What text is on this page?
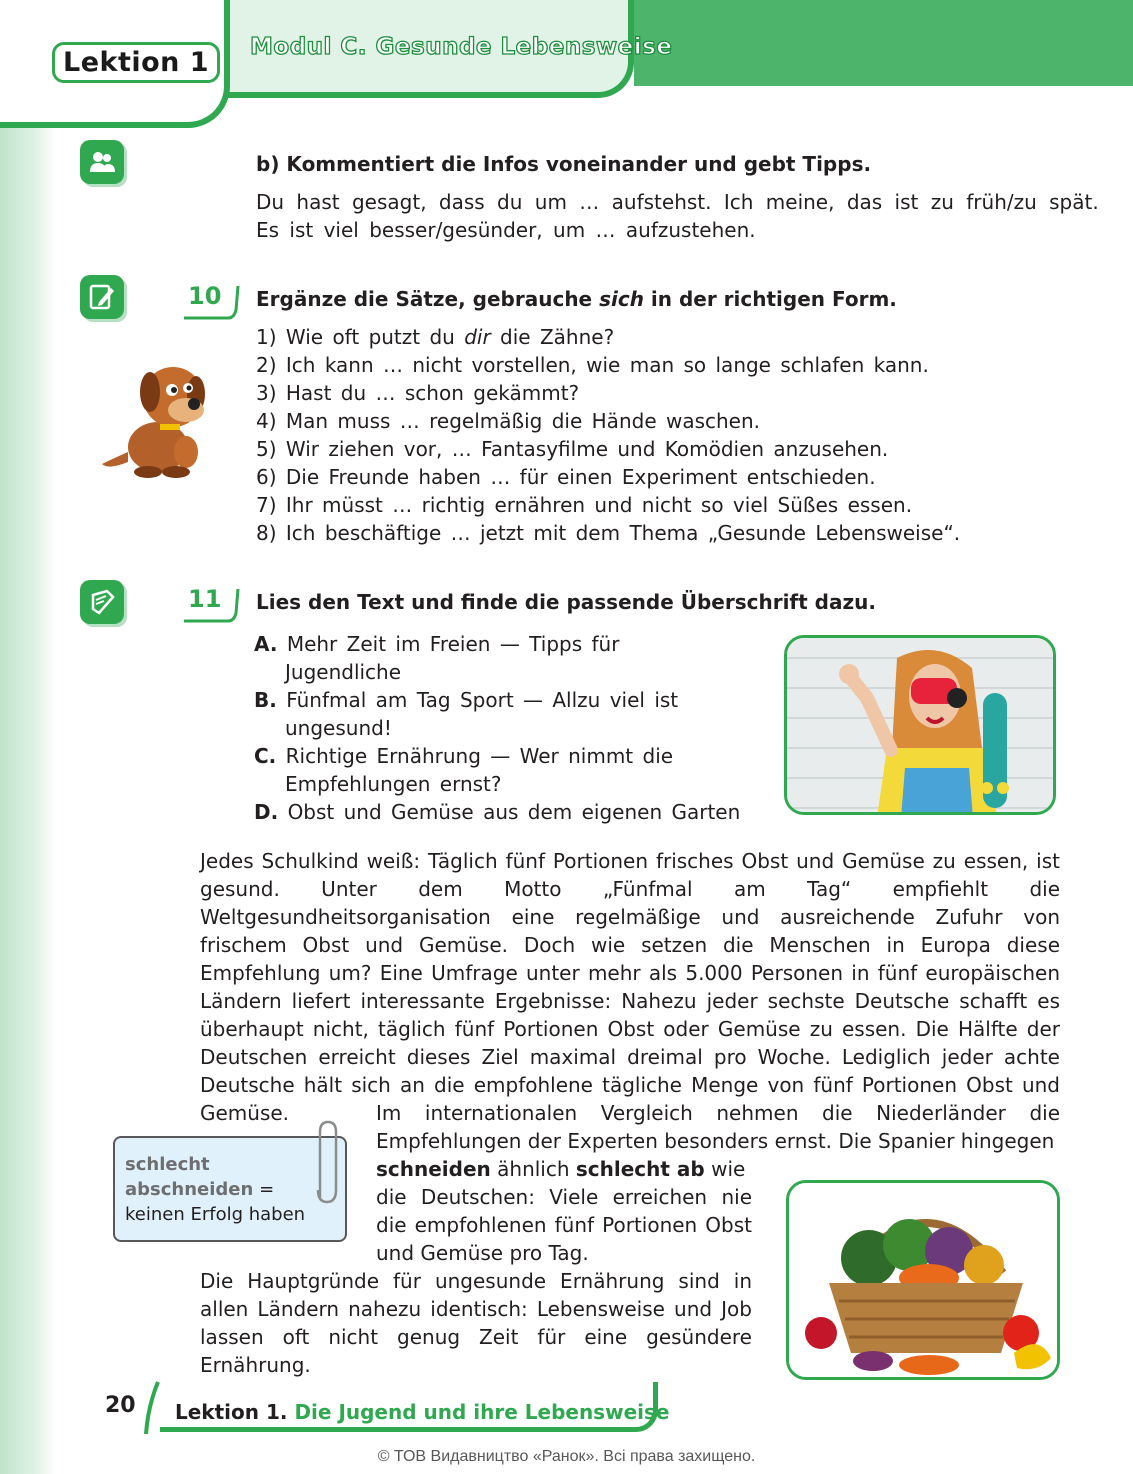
Lektion 1	Modul C. Gesunde Lebensweise
b) Kommentiert die Infos voneinander und gebt Tipps.
Du hast gesagt, dass du um … aufstehst. Ich meine, das ist zu früh/zu spät.
Es ist viel besser/gesünder, um … aufzustehen.
10 Ergänze die Sätze, gebrauche sich in der richtigen Form.
1) Wie oft putzt du dir die Zähne?
2) Ich kann … nicht vorstellen, wie man so lange schlafen kann.
3) Hast du … schon gekämmt?
4) Man muss … regelmäßig die Hände waschen.
5) Wir ziehen vor, … Fantasyfilme und Komödien anzusehen.
6) Die Freunde haben … für einen Experiment entschieden.
7) Ihr müsst … richtig ernähren und nicht so viel Süßes essen.
8) Ich beschäftige … jetzt mit dem Thema „Gesunde Lebensweise“.
11 Lies den Text und finde die passende Überschrift dazu.
A. Mehr Zeit im Freien — Tipps für
Jugendliche
B. Fünfmal am Tag Sport — Allzu viel ist
ungesund!
C. Richtige Ernährung — Wer nimmt die
Empfehlungen ernst?
D. Obst und Gemüse aus dem eigenen Garten
Jedes Schulkind weiß: Täglich fünf Portionen frisches Obst und Gemüse zu essen, ist gesund. Unter dem Motto „Fünfmal am Tag“ empfiehlt die Weltgesundheitsorganisation eine regelmäßige und ausreichende Zufuhr von frischem Obst und Gemüse. Doch wie setzen die Menschen in Europa diese Empfehlung um? Eine Umfrage unter mehr als 5.000 Personen in fünf europäischen Ländern liefert interessante Ergebnisse: Nahezu jeder sechste Deutsche schafft es überhaupt nicht, täglich fünf Portionen Obst oder Gemüse zu essen. Die Hälfte der Deutschen erreicht dieses Ziel maximal dreimal pro Woche. Lediglich jeder achte Deutsche hält sich an die empfohlene tägliche Menge von fünf Portionen Obst und Gemüse.	Im internationalen Vergleich nehmen die Niederländer die Empfehlungen der Experten besonders ernst. Die Spanier hingegen
schneiden ähnlich schlecht ab wie
die Deutschen: Viele erreichen nie die empfohlenen fünf Portionen Obst und Gemüse pro Tag.
Die Hauptgründe für ungesunde Ernährung sind in allen Ländern nahezu identisch: Lebensweise und Job lassen oft nicht genug Zeit für eine gesündere Ernährung.
schlecht
abschneiden =
keinen Erfolg haben
20 Lektion 1. Die Jugend und ihre Lebensweise
© ТОВ Видавництво «Ранок». Всі права захищено.
